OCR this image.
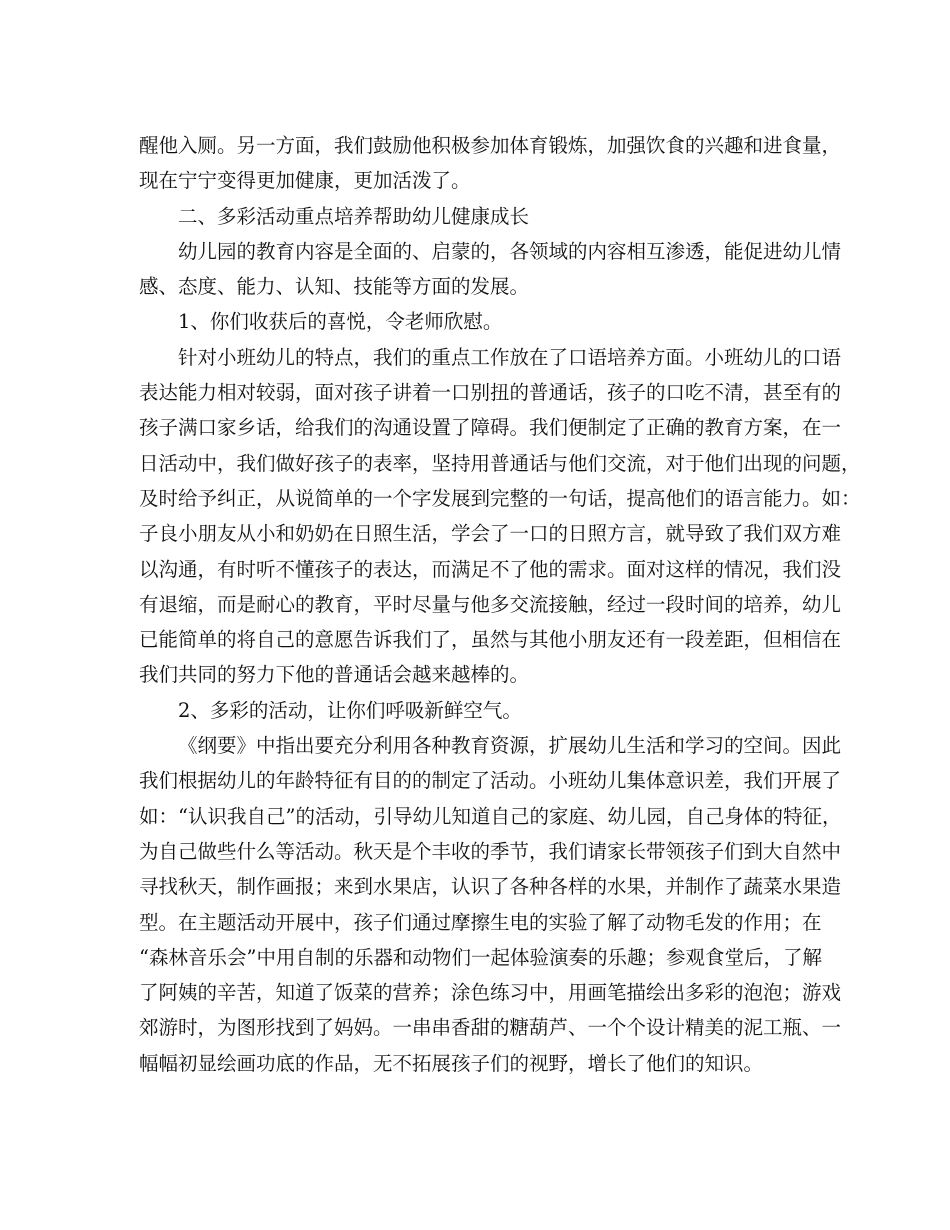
醒他入厕。另一方面，我们鼓励他积极参加体育锻炼，加强饮食的兴趣和进食量，

现在宁宁变得更加健康，更加活泼了。

二、多彩活动重点培养帮助幼儿健康成长

幼儿园的教育内容是全面的、启蒙的，各领域的内容相互渗透，能促进幼儿情

感、态度、能力、认知、技能等方面的发展。

1、你们收获后的喜悦，令老师欣慰。

针对小班幼儿的特点，我们的重点工作放在了口语培养方面。小班幼儿的口语

表达能力相对较弱，面对孩子讲着一口别扭的普通话，孩子的口吃不清，甚至有的

孩子满口家乡话，给我们的沟通设置了障碍。我们便制定了正确的教育方案，在一

日活动中，我们做好孩子的表率，坚持用普通话与他们交流，对于他们出现的问题，

及时给予纠正，从说简单的一个字发展到完整的一句话，提高他们的语言能力。如：

子良小朋友从小和奶奶在日照生活，学会了一口的日照方言，就导致了我们双方难

以沟通，有时听不懂孩子的表达，而满足不了他的需求。面对这样的情况，我们没

有退缩，而是耐心的教育，平时尽量与他多交流接触，经过一段时间的培养，幼儿

已能简单的将自己的意愿告诉我们了，虽然与其他小朋友还有一段差距，但相信在

我们共同的努力下他的普通话会越来越棒的。

2、多彩的活动，让你们呼吸新鲜空气。

《纲要》中指出要充分利用各种教育资源，扩展幼儿生活和学习的空间。因此

我们根据幼儿的年龄特征有目的的制定了活动。小班幼儿集体意识差，我们开展了

如：“认识我自己”的活动，引导幼儿知道自己的家庭、幼儿园，自己身体的特征，

为自己做些什么等活动。秋天是个丰收的季节，我们请家长带领孩子们到大自然中

寻找秋天，制作画报；来到水果店，认识了各种各样的水果，并制作了蔬菜水果造

型。在主题活动开展中，孩子们通过摩擦生电的实验了解了动物毛发的作用；在

“森林音乐会”中用自制的乐器和动物们一起体验演奏的乐趣；参观食堂后，了解

了阿姨的辛苦，知道了饭菜的营养；涂色练习中，用画笔描绘出多彩的泡泡；游戏

郊游时，为图形找到了妈妈。一串串香甜的糖葫芦、一个个设计精美的泥工瓶、一

幅幅初显绘画功底的作品，无不拓展孩子们的视野，增长了他们的知识。
